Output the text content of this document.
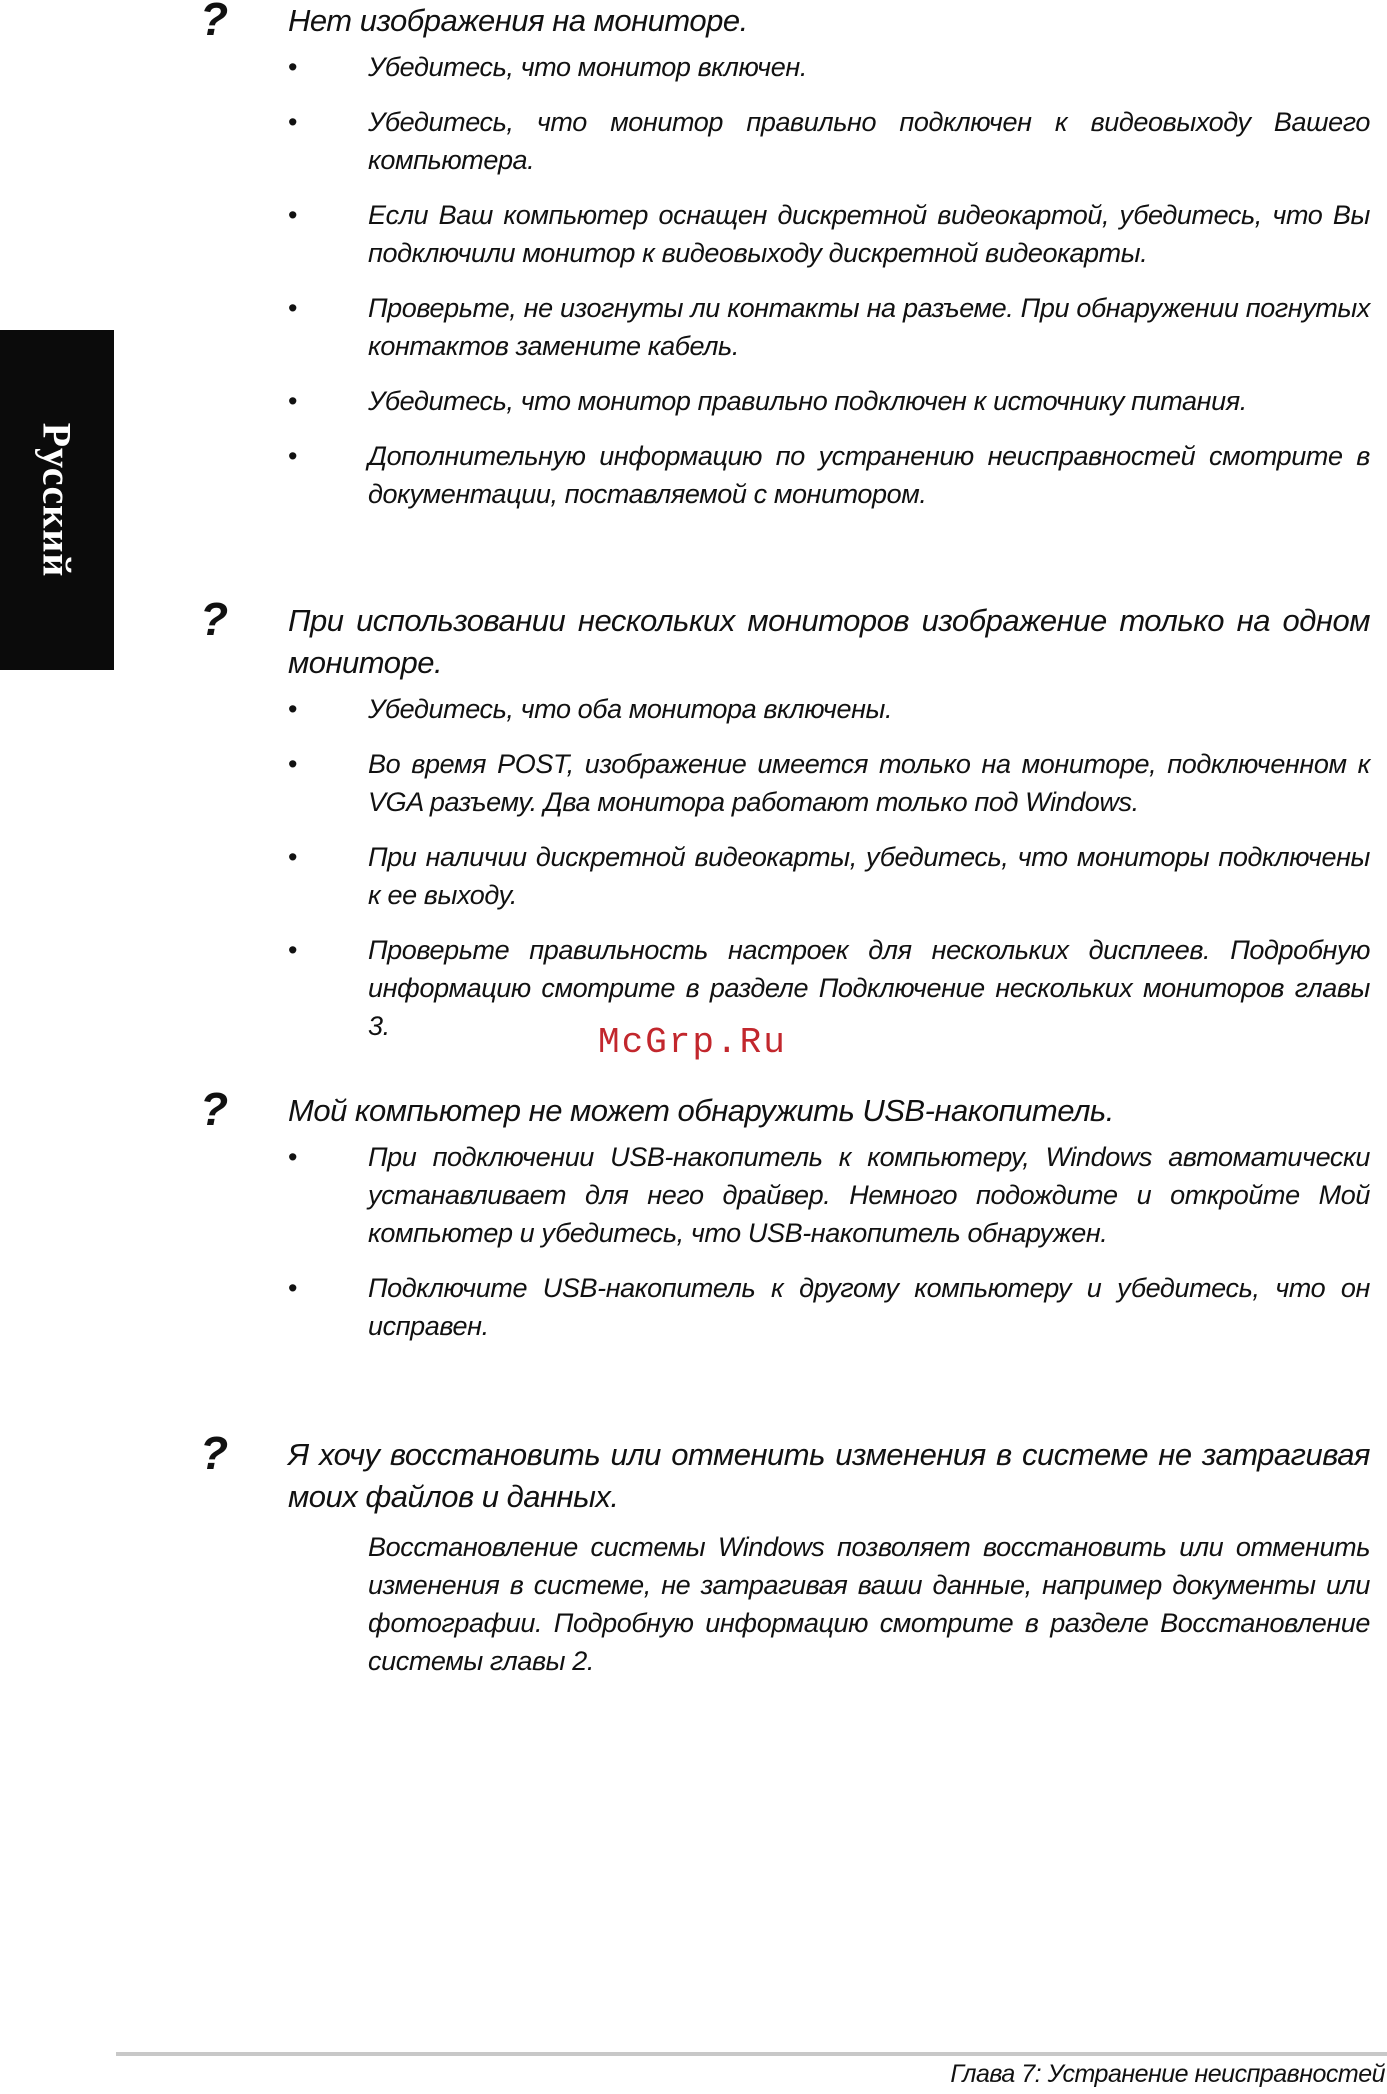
Русский
? Нет изображения на мониторе.
•	Убедитесь, что монитор включен.
•	Убедитесь, что монитор правильно подключен к видеовыходу Вашего компьютера.
•	Если Ваш компьютер оснащен дискретной видеокартой, убедитесь, что Вы подключили монитор к видеовыходу дискретной видеокарты.
•	Проверьте, не изогнуты ли контакты на разъеме. При обнаружении погнутых контактов замените кабель.
•	Убедитесь, что монитор правильно подключен к источнику питания.
•	Дополнительную информацию по устранению неисправностей смотрите в документации, поставляемой с монитором.
? При использовании нескольких мониторов изображение только на одном мониторе.
•	Убедитесь, что оба монитора включены.
•	Во время POST, изображение имеется только на мониторе, подключенном к VGA разъему. Два монитора работают только под Windows.
•	При наличии дискретной видеокарты, убедитесь, что мониторы подключены к ее выходу.
•	Проверьте правильность настроек для нескольких дисплеев. Подробную информацию смотрите в разделе Подключение нескольких мониторов главы 3.	McGrp.Ru
? Мой компьютер не может обнаружить USB-накопитель.
•	При подключении USB-накопитель к компьютеру, Windows автоматически устанавливает для него драйвер. Немного подождите и откройте Мой компьютер и убедитесь, что USB-накопитель обнаружен.
•	Подключите USB-накопитель к другому компьютеру и убедитесь, что он исправен.
? Я хочу восстановить или отменить изменения в системе не затрагивая моих файлов и данных.
Восстановление системы Windows позволяет восстановить или отменить изменения в системе, не затрагивая ваши данные, например документы или фотографии. Подробную информацию смотрите в разделе Восстановление системы главы 2.
Глава 7: Устранение неисправностей
